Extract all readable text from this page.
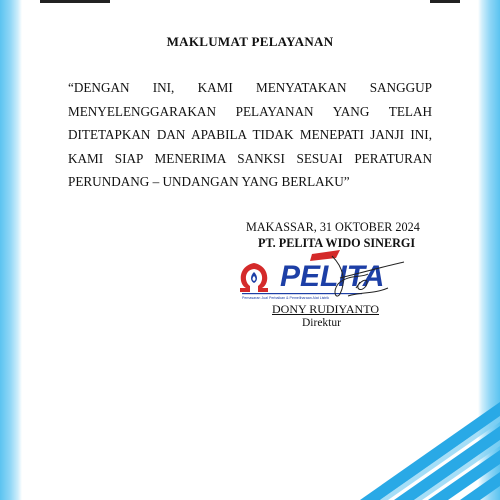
MAKLUMAT PELAYANAN
“DENGAN INI, KAMI MENYATAKAN SANGGUP
MENYELENGGARAKAN PELAYANAN YANG TELAH
DITETAPKAN DAN APABILA TIDAK MENEPATI JANJI INI,
KAMI SIAP MENERIMA SANKSI SESUAI PERATURAN
PERUNDANG – UNDANGAN YANG BERLAKU”
MAKASSAR, 31 OKTOBER 2024
PT. PELITA WIDO SINERGI
PELITA
Pemasaran Jual Perbaikan & Pemeliharaan Alat Listrik
DONY RUDIYANTO
Direktur
